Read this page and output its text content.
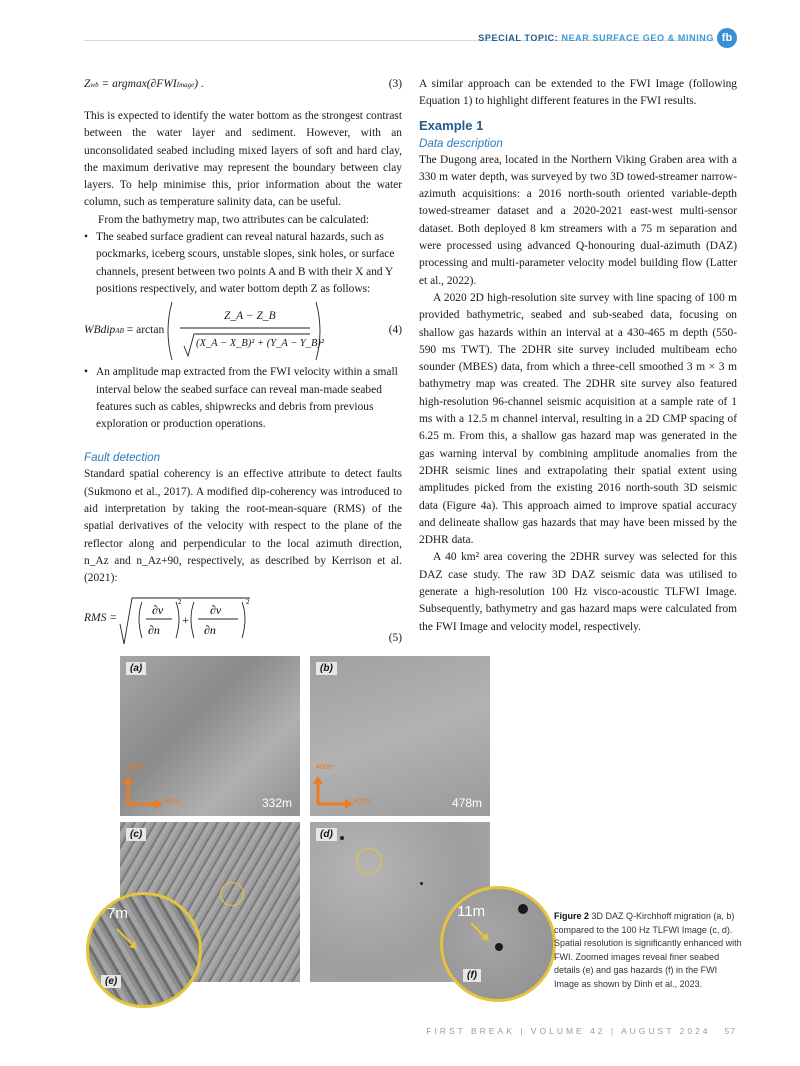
SPECIAL TOPIC: NEAR SURFACE GEO & MINING fb
Zwb = argmax(∂FWIImage) .	(3)

This is expected to identify the water bottom as the strongest contrast between the water layer and sediment. However, with an unconsolidated seabed including mixed layers of soft and hard clay, the maximum derivative may represent the boundary between clay layers. To help minimise this, prior information about the water column, such as temperature salinity data, can be useful.

From the bathymetry map, two attributes can be calculated:

• The seabed surface gradient can reveal natural hazards, such as pockmarks, iceberg scours, unstable slopes, sink holes, or surface channels, present between two points A and B with their X and Y positions respectively, and water bottom depth Z as follows:
WBdipAB = arctan
Z_A − Z_B
(X_A − X_B)² + (Y_A − Y_B)²
(4)
• An amplitude map extracted from the FWI velocity within a small interval below the seabed surface can reveal man-made seabed features such as cables, shipwrecks and debris from previous exploration or production operations.

Fault detection

Standard spatial coherency is an effective attribute to detect faults (Sukmono et al., 2017). A modified dip-coherency was introduced to aid interpretation by taking the root-mean-square (RMS) of the spatial derivatives of the velocity with respect to the plane of the reflector along and perpendicular to the local azimuth direction, n_Az and n_Az+90, respectively, as described by Kerrison et al. (2021):

RMS =
∂v
∂n
+
∂v
∂n
2	2
(5)

A similar approach can be extended to the FWI Image (following Equation 1) to highlight different features in the FWI results.

Example 1

Data description

The Dugong area, located in the Northern Viking Graben area with a 330 m water depth, was surveyed by two 3D towed-streamer narrow-azimuth acquisitions: a 2016 north-south oriented variable-depth towed-streamer dataset and a 2020-2021 east-west multi-sensor dataset. Both deployed 8 km streamers with a 75 m separation and were processed using advanced Q-honouring dual-azimuth (DAZ) processing and multi-parameter velocity model building flow (Latter et al., 2022).

A 2020 2D high-resolution site survey with line spacing of 100 m provided bathymetric, seabed and sub-seabed data, focusing on shallow gas hazards within an interval at a 430-465 m depth (550-590 ms TWT). The 2DHR site survey included multibeam echo sounder (MBES) data, from which a three-cell smoothed 3 m × 3 m bathymetry map was created. The 2DHR site survey also featured high-resolution 96-channel seismic acquisition at a sample rate of 1 ms with a 12.5 m channel interval, resulting in a 2D CMP spacing of 6.25 m. From this, a shallow gas hazard map was generated in the gas warning interval by combining amplitude anomalies from the 2DHR seismic lines and extrapolating their spatial extent using amplitudes picked from the existing 2016 north-south 3D seismic data (Figure 4a). This approach aimed to improve spatial accuracy and delineate shallow gas hazards that may have been missed by the 2DHR data.

A 40 km² area covering the 2DHR survey was selected for this DAZ case study. The raw 3D DAZ seismic data was utilised to generate a high-resolution 100 Hz visco-acoustic TLFWI Image. Subsequently, bathymetry and gas hazard maps were calculated from the FWI Image and velocity model, respectively.

(a)
400m
400m	332m
(b)
400m
400m	478m
(c)	(d)
7m
(e)
11m
(f)
Figure 2 3D DAZ Q-Kirchhoff migration (a, b) compared to the 100 Hz TLFWI Image (c, d). Spatial resolution is significantly enhanced with FWI. Zoomed images reveal finer seabed details (e) and gas hazards (f) in the FWI Image as shown by Dinh et al., 2023.
FIRST BREAK | VOLUME 42 | AUGUST 2024 57
